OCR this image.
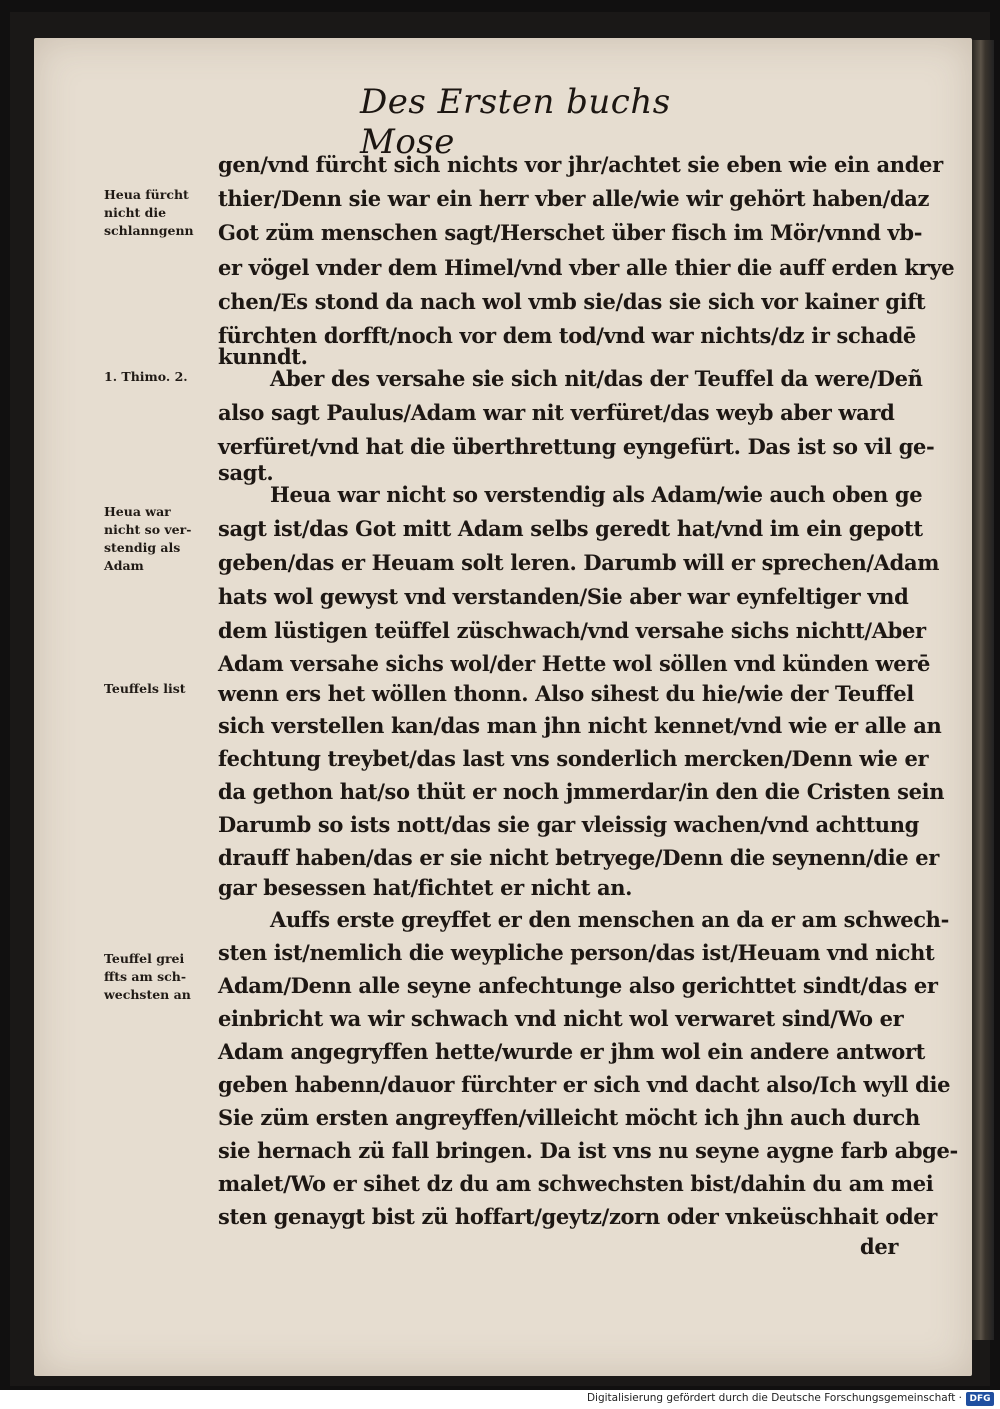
Des Ersten buchs Mose
gen/vnd fürcht sich nichts vor jhr/achtet sie eben wie ein ander
thier/Denn sie war ein herr vber alle/wie wir gehört haben/daz
Got züm menschen sagt/Herschet über fisch im Mör/vnnd vb-
er vögel vnder dem Himel/vnd vber alle thier die auff erden krye
chen/Es stond da nach wol vmb sie/das sie sich vor kainer gift
fürchten dorfft/noch vor dem tod/vnd war nichts/dz ir schadē
kunndt.
Aber des versahe sie sich nit/das der Teuffel da were/Deñ
also sagt Paulus/Adam war nit verfüret/das weyb aber ward
verfüret/vnd hat die überthrettung eyngefürt. Das ist so vil ge-
sagt.
Heua war nicht so verstendig als Adam/wie auch oben ge
sagt ist/das Got mitt Adam selbs geredt hat/vnd im ein gepott
geben/das er Heuam solt leren. Darumb will er sprechen/Adam
hats wol gewyst vnd verstanden/Sie aber war eynfeltiger vnd
dem lüstigen teüffel züschwach/vnd versahe sichs nichtt/Aber
Adam versahe sichs wol/der Hette wol söllen vnd künden werē
wenn ers het wöllen thonn. Also sihest du hie/wie der Teuffel
sich verstellen kan/das man jhn nicht kennet/vnd wie er alle an
fechtung treybet/das last vns sonderlich mercken/Denn wie er
da gethon hat/so thüt er noch jmmerdar/in den die Cristen sein
Darumb so ists nott/das sie gar vleissig wachen/vnd achttung
drauff haben/das er sie nicht betryege/Denn die seynenn/die er
gar besessen hat/fichtet er nicht an.
Auffs erste greyffet er den menschen an da er am schwech-
sten ist/nemlich die weypliche person/das ist/Heuam vnd nicht
Adam/Denn alle seyne anfechtunge also gerichttet sindt/das er
einbricht wa wir schwach vnd nicht wol verwaret sind/Wo er
Adam angegryffen hette/wurde er jhm wol ein andere antwort
geben habenn/dauor fürchter er sich vnd dacht also/Ich wyll die
Sie züm ersten angreyffen/villeicht möcht ich jhn auch durch
sie hernach zü fall bringen. Da ist vns nu seyne aygne farb abge-
malet/Wo er sihet dz du am schwechsten bist/dahin du am mei
sten genaygt bist zü hoffart/geytz/zorn oder vnkeüschhait oder
der
Heua fürcht
nicht die
schlanngenn
1. Thimo. 2.
Heua war
nicht so ver-
stendig als
Adam
Teuffels list
Teuffel grei
ffts am sch-
wechsten an
Digitalisierung gefördert durch die Deutsche Forschungsgemeinschaft · DFG
